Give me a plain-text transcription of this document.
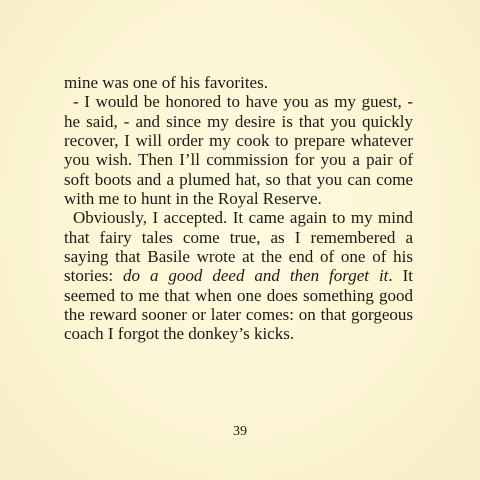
mine was one of his favorites.

- I would be honored to have you as my guest, - he said, - and since my desire is that you quickly recover, I will order my cook to prepare whatever you wish. Then I’ll commission for you a pair of soft boots and a plumed hat, so that you can come with me to hunt in the Royal Reserve.

Obviously, I accepted. It came again to my mind that fairy tales come true, as I remembered a saying that Basile wrote at the end of one of his stories: do a good deed and then forget it. It seemed to me that when one does something good the reward sooner or later comes: on that gorgeous coach I forgot the donkey’s kicks.

39
